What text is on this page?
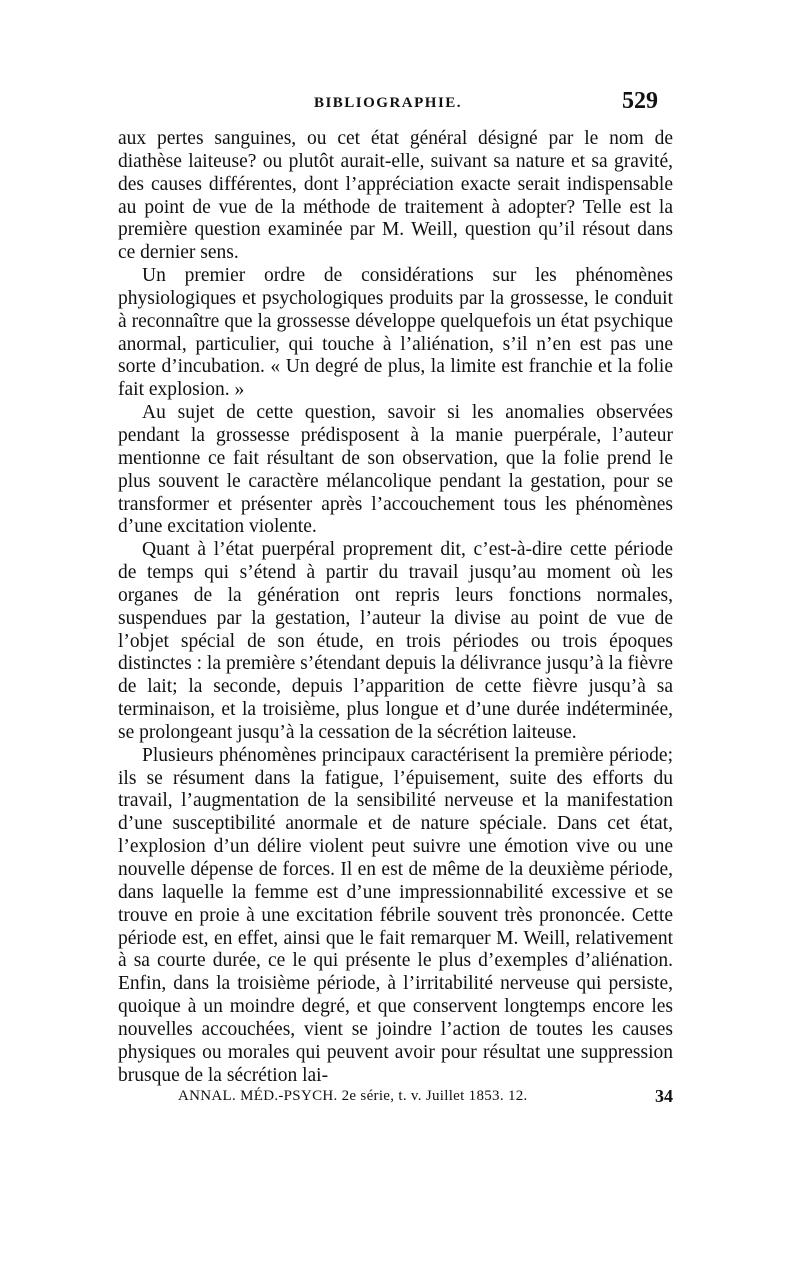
BIBLIOGRAPHIE.	529

aux pertes sanguines, ou cet état général désigné par le nom de diathèse laiteuse? ou plutôt aurait-elle, suivant sa nature et sa gravité, des causes différentes, dont l’appréciation exacte serait indispensable au point de vue de la méthode de traitement à adopter? Telle est la première question examinée par M. Weill, question qu’il résout dans ce dernier sens.

Un premier ordre de considérations sur les phénomènes physiologiques et psychologiques produits par la grossesse, le conduit à reconnaître que la grossesse développe quelquefois un état psychique anormal, particulier, qui touche à l’aliénation, s’il n’en est pas une sorte d’incubation. « Un degré de plus, la limite est franchie et la folie fait explosion. »

Au sujet de cette question, savoir si les anomalies observées pendant la grossesse prédisposent à la manie puerpérale, l’auteur mentionne ce fait résultant de son observation, que la folie prend le plus souvent le caractère mélancolique pendant la gestation, pour se transformer et présenter après l’accouchement tous les phénomènes d’une excitation violente.

Quant à l’état puerpéral proprement dit, c’est-à-dire cette période de temps qui s’étend à partir du travail jusqu’au moment où les organes de la génération ont repris leurs fonctions normales, suspendues par la gestation, l’auteur la divise au point de vue de l’objet spécial de son étude, en trois périodes ou trois époques distinctes : la première s’étendant depuis la délivrance jusqu’à la fièvre de lait; la seconde, depuis l’apparition de cette fièvre jusqu’à sa terminaison, et la troisième, plus longue et d’une durée indéterminée, se prolongeant jusqu’à la cessation de la sécrétion laiteuse.

Plusieurs phénomènes principaux caractérisent la première période; ils se résument dans la fatigue, l’épuisement, suite des efforts du travail, l’augmentation de la sensibilité nerveuse et la manifestation d’une susceptibilité anormale et de nature spéciale. Dans cet état, l’explosion d’un délire violent peut suivre une émotion vive ou une nouvelle dépense de forces. Il en est de même de la deuxième période, dans laquelle la femme est d’une impressionnabilité excessive et se trouve en proie à une excitation fébrile souvent très prononcée. Cette période est, en effet, ainsi que le fait remarquer M. Weill, relativement à sa courte durée, ce le qui présente le plus d’exemples d’aliénation. Enfin, dans la troisième période, à l’irritabilité nerveuse qui persiste, quoique à un moindre degré, et que conservent longtemps encore les nouvelles accouchées, vient se joindre l’action de toutes les causes physiques ou morales qui peuvent avoir pour résultat une suppression brusque de la sécrétion lai-

ANNAL. MÉD.-PSYCH. 2e série, t. v. Juillet 1853. 12.	34
